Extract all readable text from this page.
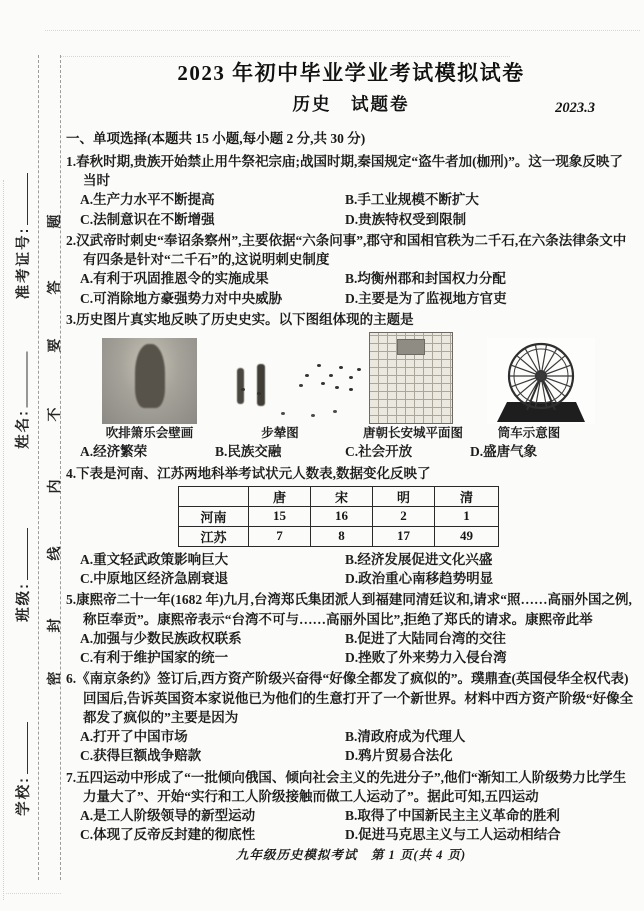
准考证号:
姓名:
班级:
学校:
题
答
要
不
内
线
封
密
2023 年初中毕业学业考试模拟试卷
历史　试题卷	2023.3
一、单项选择(本题共 15 小题,每小题 2 分,共 30 分)

1.春秋时期,贵族开始禁止用牛祭祀宗庙;战国时期,秦国规定“盗牛者加(枷刑)”。这一现象反映了当时

A.生产力水平不断提高	B.手工业规模不断扩大
C.法制意识在不断增强	D.贵族特权受到限制

2.汉武帝时刺史“奉诏条察州”,主要依据“六条问事”,郡守和国相官秩为二千石,在六条法律条文中有四条是针对“二千石”的,这说明刺史制度

A.有利于巩固推恩令的实施成果	B.均衡州郡和封国权力分配
C.可消除地方豪强势力对中央威胁	D.主要是为了监视地方官吏

3.历史图片真实地反映了历史史实。以下图组体现的主题是

吹排箫乐会壁画	步辇图	唐朝长安城平面图	筒车示意图
A.经济繁荣	B.民族交融	C.社会开放	D.盛唐气象

4.下表是河南、江苏两地科举考试状元人数表,数据变化反映了

	唐	宋	明	清
河南	15	16	2	1
江苏	7	8	17	49
A.重文轻武政策影响巨大	B.经济发展促进文化兴盛
C.中原地区经济急剧衰退	D.政治重心南移趋势明显

5.康熙帝二十一年(1682 年)九月,台湾郑氏集团派人到福建同清廷议和,请求“照……高丽外国之例,称臣奉贡”。康熙帝表示“台湾不可与……高丽外国比”,拒绝了郑氏的请求。康熙帝此举

A.加强与少数民族政权联系	B.促进了大陆同台湾的交往
C.有利于维护国家的统一	D.挫败了外来势力入侵台湾

6.《南京条约》签订后,西方资产阶级兴奋得“好像全都发了疯似的”。璞鼎查(英国侵华全权代表)回国后,告诉英国资本家说他已为他们的生意打开了一个新世界。材料中西方资产阶级“好像全都发了疯似的”主要是因为

A.打开了中国市场	B.清政府成为代理人
C.获得巨额战争赔款	D.鸦片贸易合法化

7.五四运动中形成了“一批倾向俄国、倾向社会主义的先进分子”,他们“渐知工人阶级势力比学生力量大了”、开始“实行和工人阶级接触而做工人运动了”。据此可知,五四运动

A.是工人阶级领导的新型运动	B.取得了中国新民主主义革命的胜利
C.体现了反帝反封建的彻底性	D.促进马克思主义与工人运动相结合
九年级历史模拟考试　第 1 页(共 4 页)
